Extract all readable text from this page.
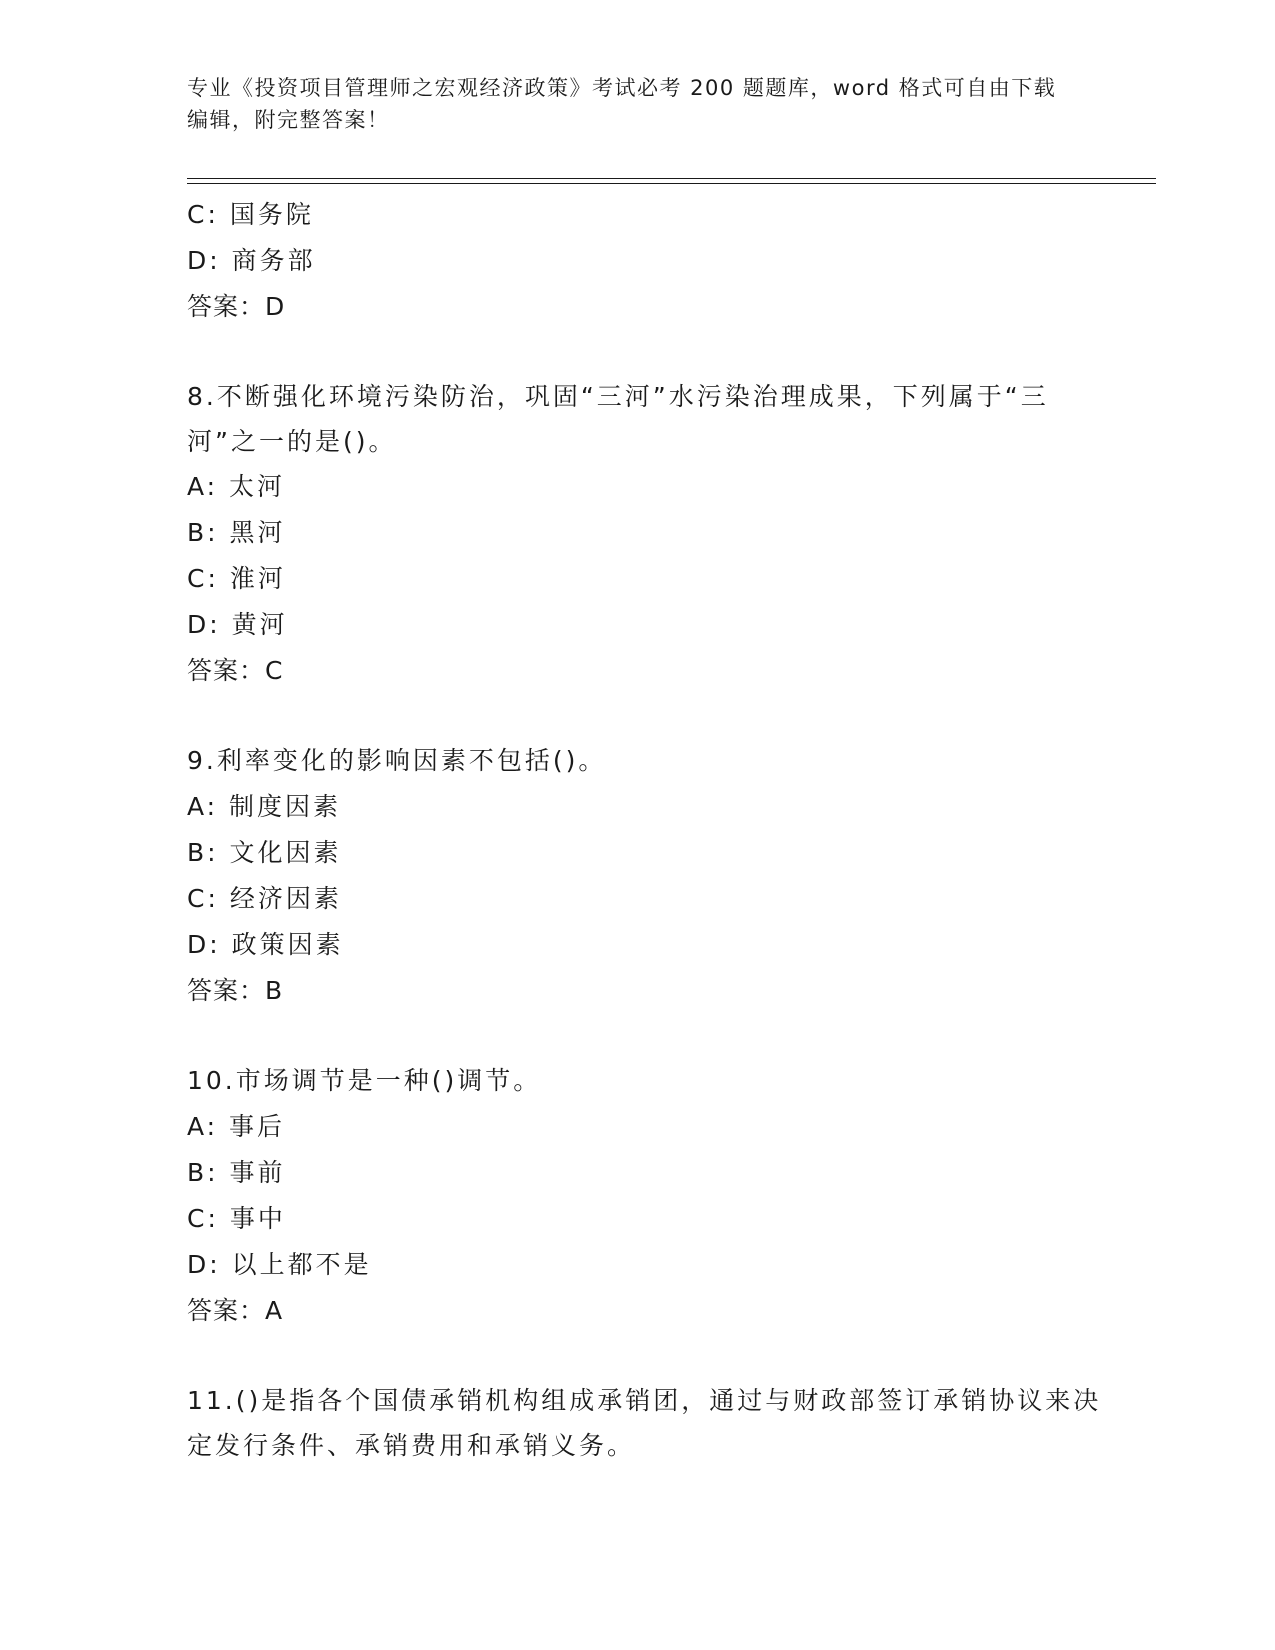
专业《投资项目管理师之宏观经济政策》考试必考 200 题题库，word 格式可自由下载编辑，附完整答案！
C: 国务院
D: 商务部
答案：D
8.不断强化环境污染防治，巩固“三河”水污染治理成果，下列属于“三河”之一的是()。
A: 太河
B: 黑河
C: 淮河
D: 黄河
答案：C
9.利率变化的影响因素不包括()。
A: 制度因素
B: 文化因素
C: 经济因素
D: 政策因素
答案：B
10.市场调节是一种()调节。
A: 事后
B: 事前
C: 事中
D: 以上都不是
答案：A
11.()是指各个国债承销机构组成承销团，通过与财政部签订承销协议来决定发行条件、承销费用和承销义务。
